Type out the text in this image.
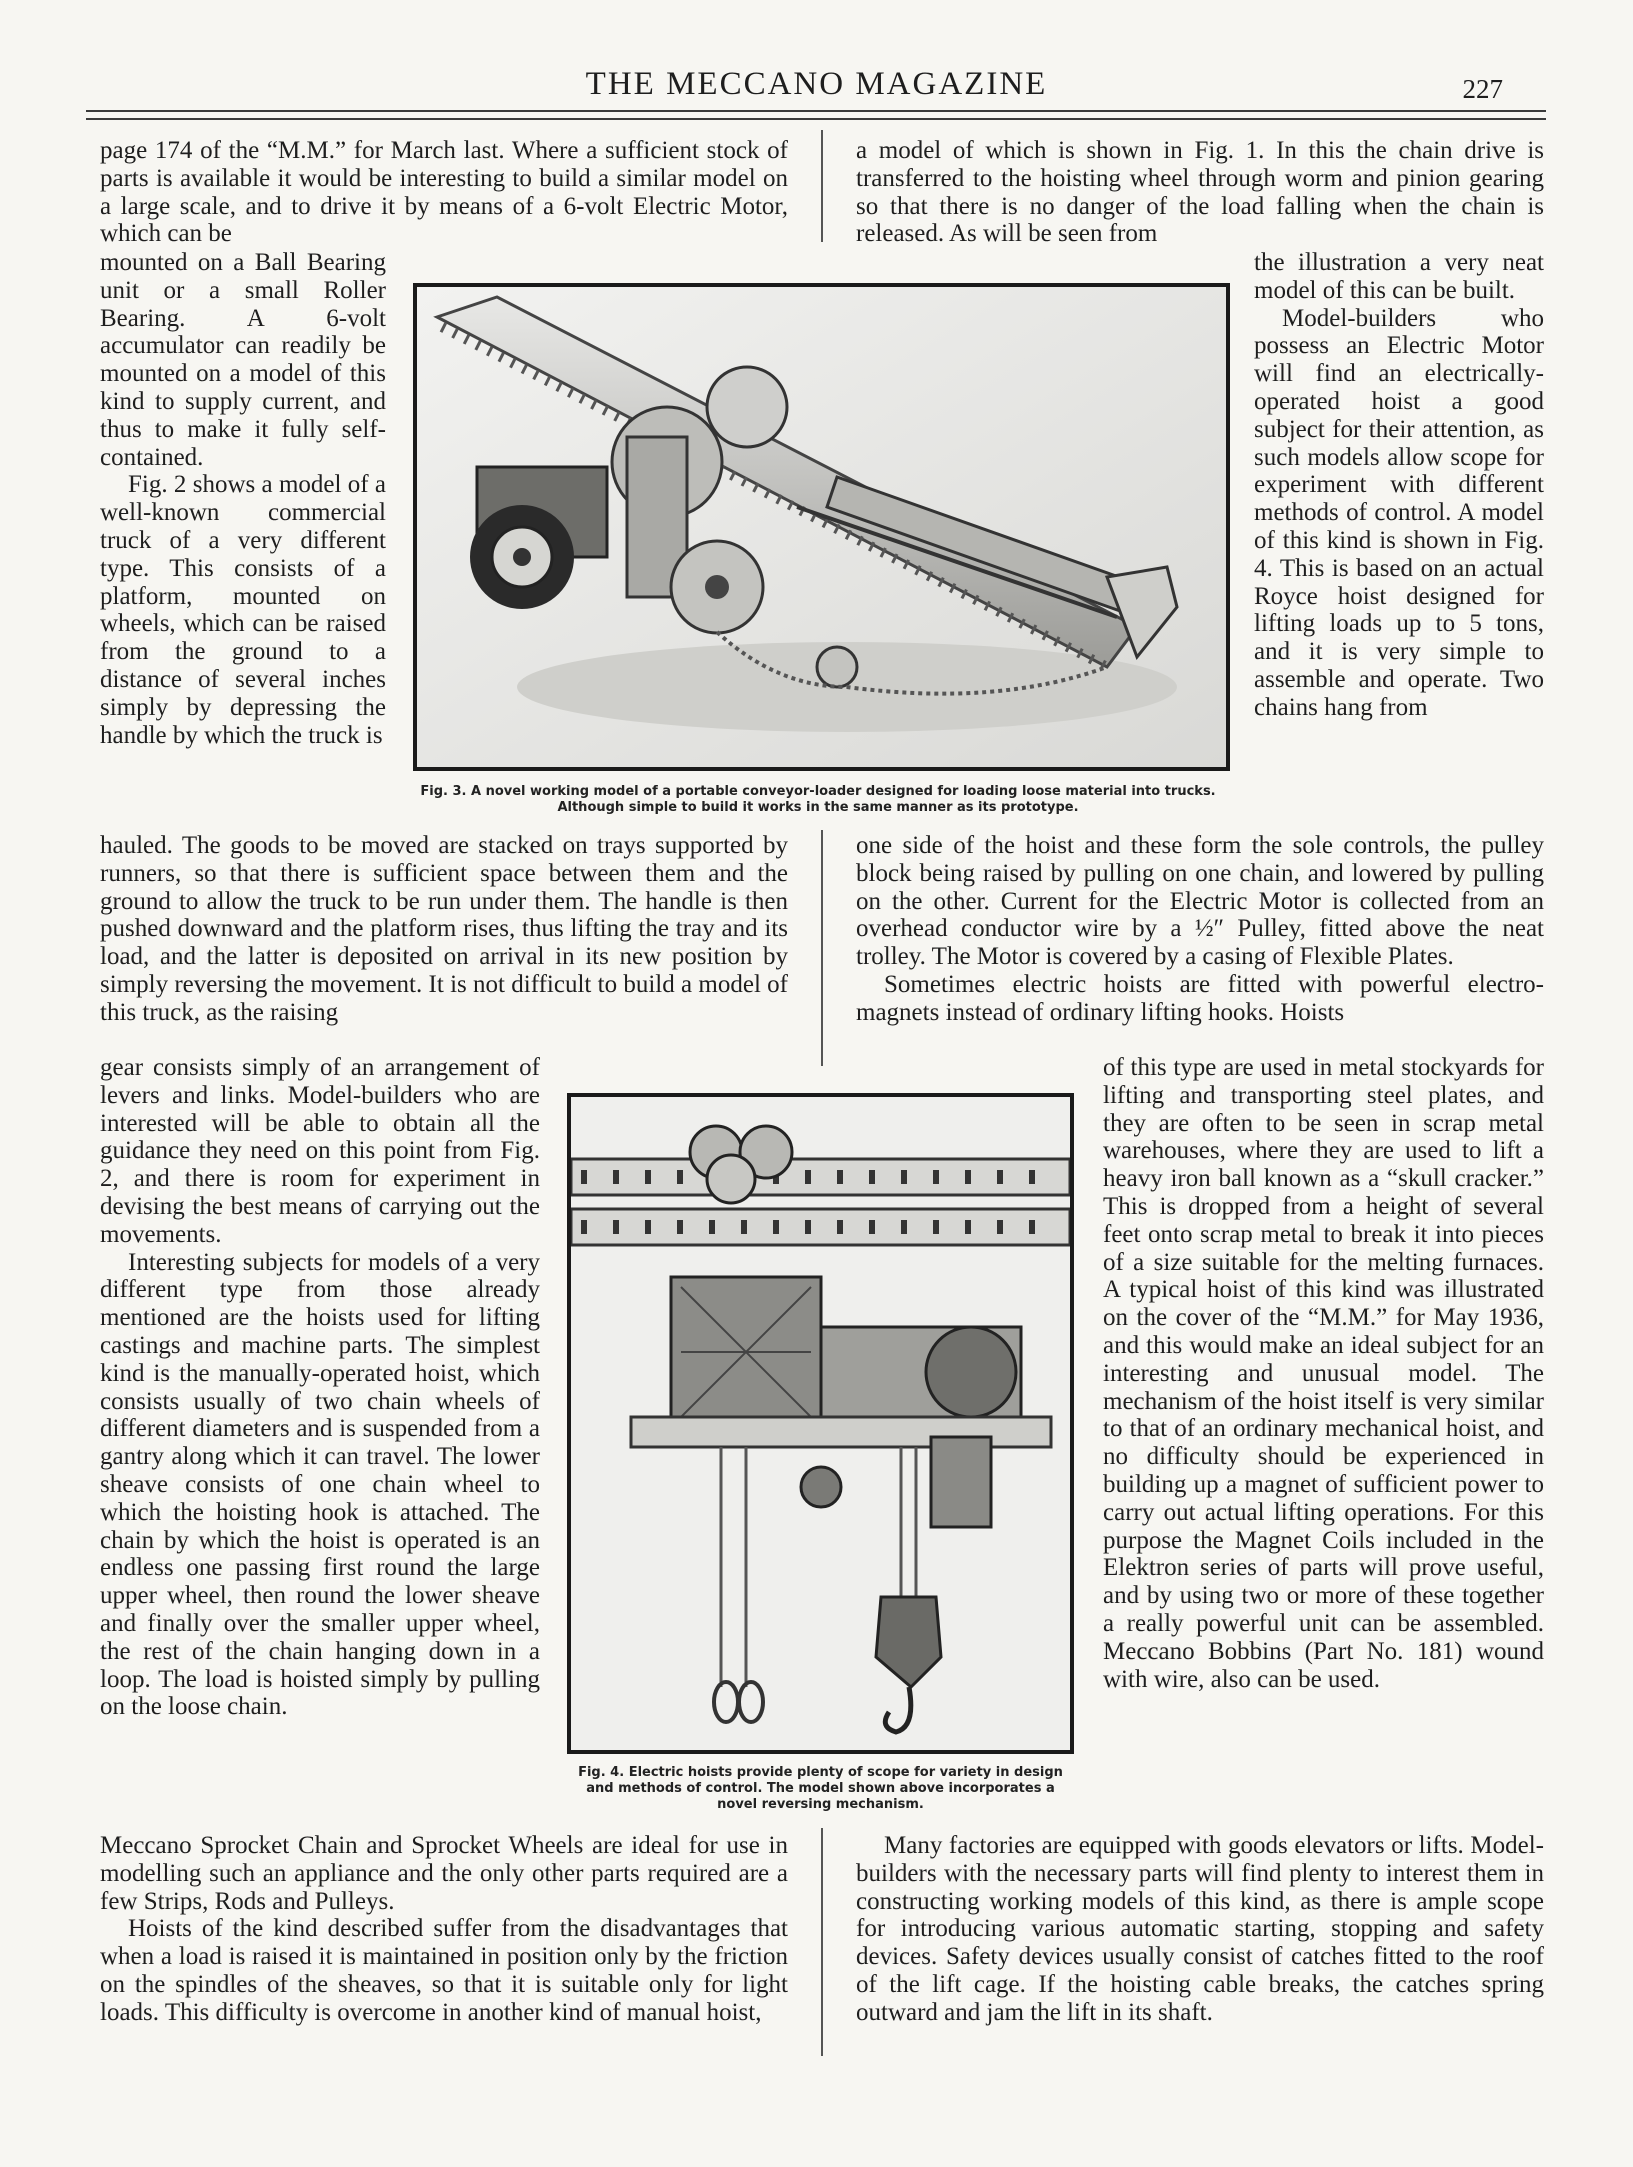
THE MECCANO MAGAZINE	227

page 174 of the “M.M.” for March last. Where a sufficient stock of parts is available it would be interesting to build a similar model on a large scale, and to drive it by means of a 6-volt Electric Motor, which can be

mounted on a Ball Bearing unit or a small Roller Bearing. A 6-volt accumulator can readily be mounted on a model of this kind to supply current, and thus to make it fully self-contained.

Fig. 2 shows a model of a well-known commercial truck of a very different type. This consists of a platform, mounted on wheels, which can be raised from the ground to a distance of several inches simply by depressing the handle by which the truck is

hauled. The goods to be moved are stacked on trays supported by runners, so that there is sufficient space between them and the ground to allow the truck to be run under them. The handle is then pushed downward and the platform rises, thus lifting the tray and its load, and the latter is deposited on arrival in its new position by simply reversing the movement. It is not difficult to build a model of this truck, as the raising

gear consists simply of an arrangement of levers and links. Model-builders who are interested will be able to obtain all the guidance they need on this point from Fig. 2, and there is room for experiment in devising the best means of carrying out the movements.

Interesting subjects for models of a very different type from those already mentioned are the hoists used for lifting castings and machine parts. The simplest kind is the manually-operated hoist, which consists usually of two chain wheels of different diameters and is suspended from a gantry along which it can travel. The lower sheave consists of one chain wheel to which the hoisting hook is attached. The chain by which the hoist is operated is an endless one passing first round the large upper wheel, then round the lower sheave and finally over the smaller upper wheel, the rest of the chain hanging down in a loop. The load is hoisted simply by pulling on the loose chain.

Meccano Sprocket Chain and Sprocket Wheels are ideal for use in modelling such an appliance and the only other parts required are a few Strips, Rods and Pulleys.

Hoists of the kind described suffer from the disadvantages that when a load is raised it is maintained in position only by the friction on the spindles of the sheaves, so that it is suitable only for light loads. This difficulty is overcome in another kind of manual hoist,

a model of which is shown in Fig. 1. In this the chain drive is transferred to the hoisting wheel through worm and pinion gearing so that there is no danger of the load falling when the chain is released. As will be seen from

the illustration a very neat model of this can be built.

Model-builders who possess an Electric Motor will find an electrically-operated hoist a good subject for their attention, as such models allow scope for experiment with different methods of control. A model of this kind is shown in Fig. 4. This is based on an actual Royce hoist designed for lifting loads up to 5 tons, and it is very simple to assemble and operate. Two chains hang from

one side of the hoist and these form the sole controls, the pulley block being raised by pulling on one chain, and lowered by pulling on the other. Current for the Electric Motor is collected from an overhead conductor wire by a ½″ Pulley, fitted above the neat trolley. The Motor is covered by a casing of Flexible Plates.

Sometimes electric hoists are fitted with powerful electro-magnets instead of ordinary lifting hooks. Hoists

of this type are used in metal stockyards for lifting and transporting steel plates, and they are often to be seen in scrap metal warehouses, where they are used to lift a heavy iron ball known as a “skull cracker.” This is dropped from a height of several feet onto scrap metal to break it into pieces of a size suitable for the melting furnaces. A typical hoist of this kind was illustrated on the cover of the “M.M.” for May 1936, and this would make an ideal subject for an interesting and unusual model. The mechanism of the hoist itself is very similar to that of an ordinary mechanical hoist, and no difficulty should be experienced in building up a magnet of sufficient power to carry out actual lifting operations. For this purpose the Magnet Coils included in the Elektron series of parts will prove useful, and by using two or more of these together a really powerful unit can be assembled. Meccano Bobbins (Part No. 181) wound with wire, also can be used.

Many factories are equipped with goods elevators or lifts. Model-builders with the necessary parts will find plenty to interest them in constructing working models of this kind, as there is ample scope for introducing various automatic starting, stopping and safety devices. Safety devices usually consist of catches fitted to the roof of the lift cage. If the hoisting cable breaks, the catches spring outward and jam the lift in its shaft.

Fig. 3. A novel working model of a portable conveyor-loader designed for loading loose material into trucks. Although simple to build it works in the same manner as its prototype.
Fig. 4. Electric hoists provide plenty of scope for variety in design and methods of control. The model shown above incorporates a novel reversing mechanism.
